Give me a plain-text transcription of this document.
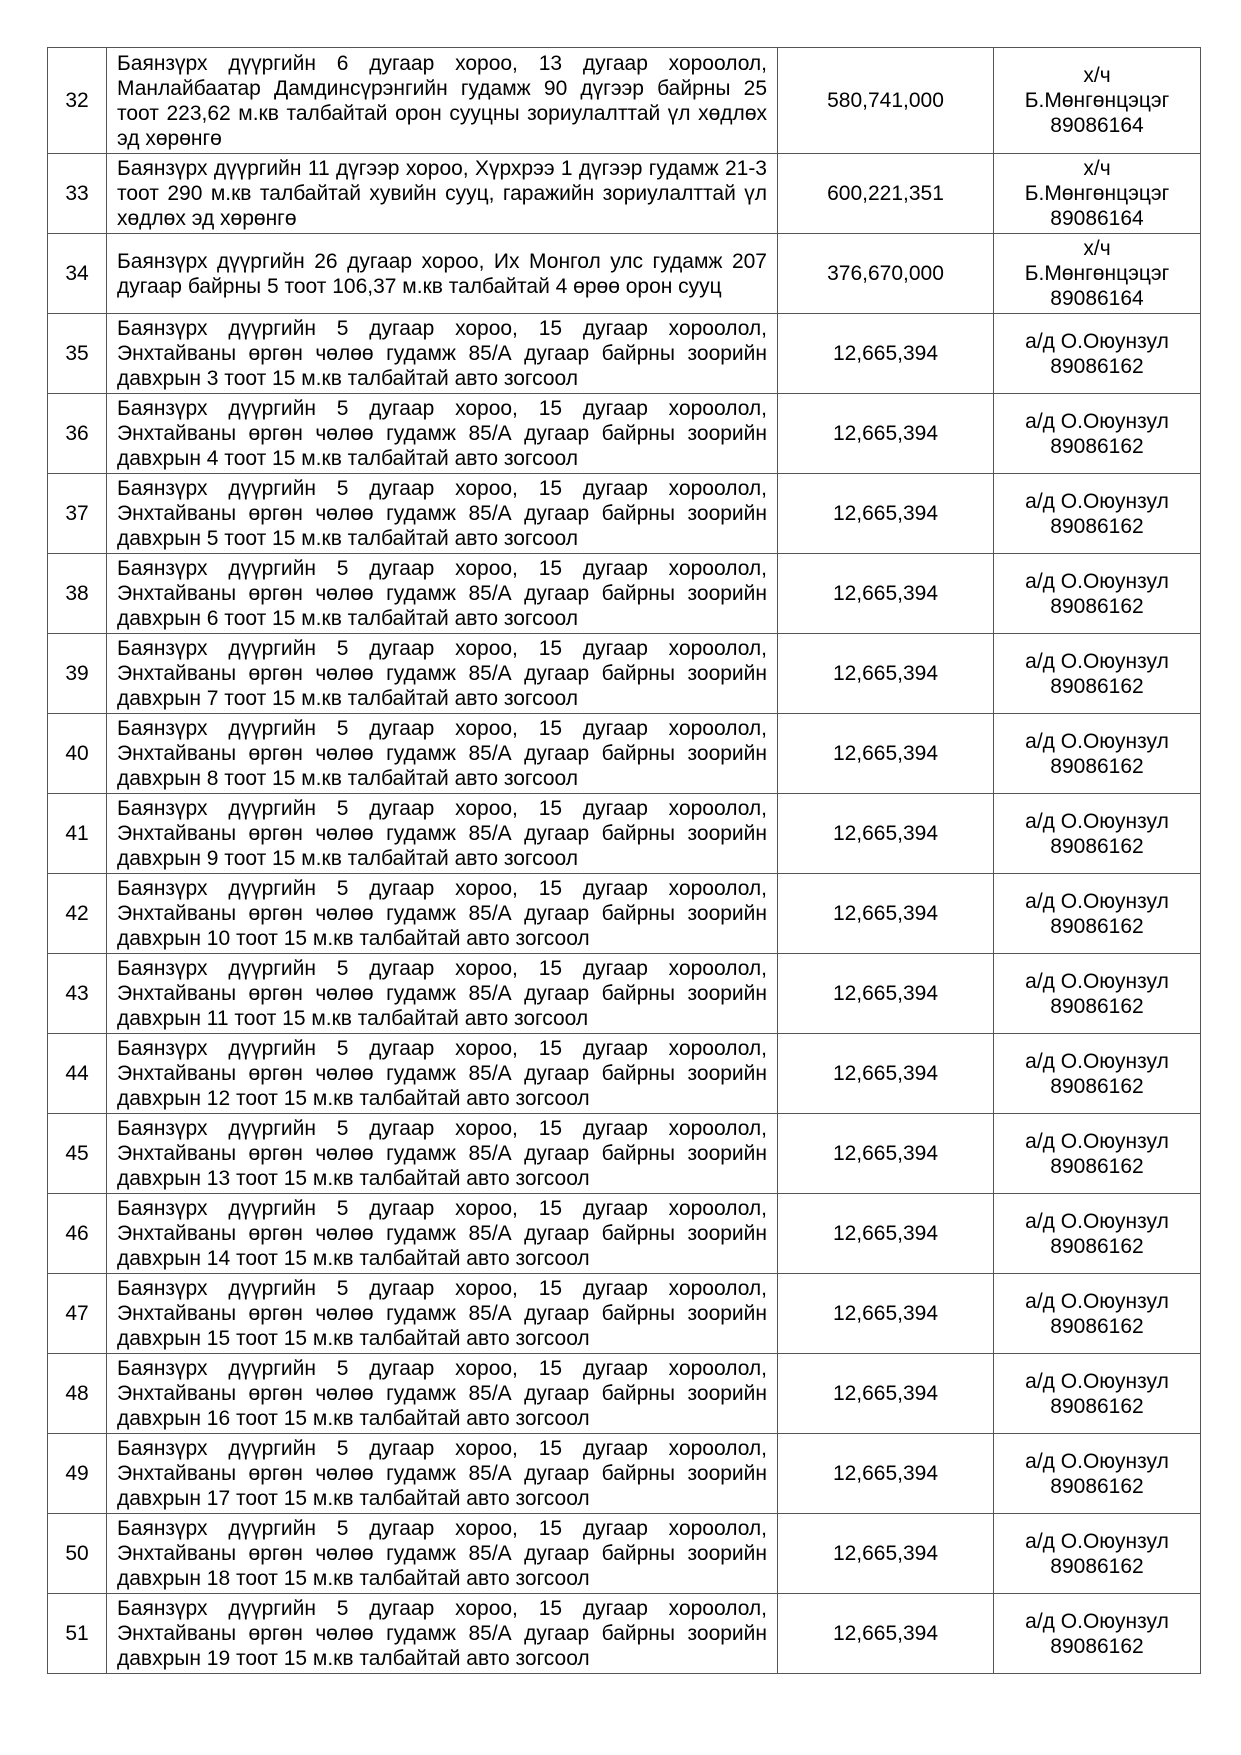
32	Баянзүрх дүүргийн 6 дугаар хороо, 13 дугаар хороолол, Манлайбаатар Дамдинсүрэнгийн гудамж 90 дүгээр байрны 25 тоот 223,62 м.кв талбайтай орон сууцны зориулалттай үл хөдлөх эд хөрөнгө	580,741,000	х/ч
Б.Мөнгөнцэцэг
89086164

33	Баянзүрх дүүргийн 11 дүгээр хороо, Хүрхрээ 1 дүгээр гудамж 21-3 тоот 290 м.кв талбайтай хувийн сууц, гаражийн зориулалттай үл хөдлөх эд хөрөнгө	600,221,351	х/ч
Б.Мөнгөнцэцэг
89086164

34	Баянзүрх дүүргийн 26 дугаар хороо, Их Монгол улс гудамж 207 дугаар байрны 5 тоот 106,37 м.кв талбайтай 4 өрөө орон сууц	376,670,000	х/ч
Б.Мөнгөнцэцэг
89086164

35	Баянзүрх дүүргийн 5 дугаар хороо, 15 дугаар хороолол, Энхтайваны өргөн чөлөө гудамж 85/А дугаар байрны зоорийн давхрын 3 тоот 15 м.кв талбайтай авто зогсоол	12,665,394	а/д О.Оюунзул
89086162

36	Баянзүрх дүүргийн 5 дугаар хороо, 15 дугаар хороолол, Энхтайваны өргөн чөлөө гудамж 85/А дугаар байрны зоорийн давхрын 4 тоот 15 м.кв талбайтай авто зогсоол	12,665,394	а/д О.Оюунзул
89086162

37	Баянзүрх дүүргийн 5 дугаар хороо, 15 дугаар хороолол, Энхтайваны өргөн чөлөө гудамж 85/А дугаар байрны зоорийн давхрын 5 тоот 15 м.кв талбайтай авто зогсоол	12,665,394	а/д О.Оюунзул
89086162

38	Баянзүрх дүүргийн 5 дугаар хороо, 15 дугаар хороолол, Энхтайваны өргөн чөлөө гудамж 85/А дугаар байрны зоорийн давхрын 6 тоот 15 м.кв талбайтай авто зогсоол	12,665,394	а/д О.Оюунзул
89086162

39	Баянзүрх дүүргийн 5 дугаар хороо, 15 дугаар хороолол, Энхтайваны өргөн чөлөө гудамж 85/А дугаар байрны зоорийн давхрын 7 тоот 15 м.кв талбайтай авто зогсоол	12,665,394	а/д О.Оюунзул
89086162

40	Баянзүрх дүүргийн 5 дугаар хороо, 15 дугаар хороолол, Энхтайваны өргөн чөлөө гудамж 85/А дугаар байрны зоорийн давхрын 8 тоот 15 м.кв талбайтай авто зогсоол	12,665,394	а/д О.Оюунзул
89086162

41	Баянзүрх дүүргийн 5 дугаар хороо, 15 дугаар хороолол, Энхтайваны өргөн чөлөө гудамж 85/А дугаар байрны зоорийн давхрын 9 тоот 15 м.кв талбайтай авто зогсоол	12,665,394	а/д О.Оюунзул
89086162

42	Баянзүрх дүүргийн 5 дугаар хороо, 15 дугаар хороолол, Энхтайваны өргөн чөлөө гудамж 85/А дугаар байрны зоорийн давхрын 10 тоот 15 м.кв талбайтай авто зогсоол	12,665,394	а/д О.Оюунзул
89086162

43	Баянзүрх дүүргийн 5 дугаар хороо, 15 дугаар хороолол, Энхтайваны өргөн чөлөө гудамж 85/А дугаар байрны зоорийн давхрын 11 тоот 15 м.кв талбайтай авто зогсоол	12,665,394	а/д О.Оюунзул
89086162

44	Баянзүрх дүүргийн 5 дугаар хороо, 15 дугаар хороолол, Энхтайваны өргөн чөлөө гудамж 85/А дугаар байрны зоорийн давхрын 12 тоот 15 м.кв талбайтай авто зогсоол	12,665,394	а/д О.Оюунзул
89086162

45	Баянзүрх дүүргийн 5 дугаар хороо, 15 дугаар хороолол, Энхтайваны өргөн чөлөө гудамж 85/А дугаар байрны зоорийн давхрын 13 тоот 15 м.кв талбайтай авто зогсоол	12,665,394	а/д О.Оюунзул
89086162

46	Баянзүрх дүүргийн 5 дугаар хороо, 15 дугаар хороолол, Энхтайваны өргөн чөлөө гудамж 85/А дугаар байрны зоорийн давхрын 14 тоот 15 м.кв талбайтай авто зогсоол	12,665,394	а/д О.Оюунзул
89086162

47	Баянзүрх дүүргийн 5 дугаар хороо, 15 дугаар хороолол, Энхтайваны өргөн чөлөө гудамж 85/А дугаар байрны зоорийн давхрын 15 тоот 15 м.кв талбайтай авто зогсоол	12,665,394	а/д О.Оюунзул
89086162

48	Баянзүрх дүүргийн 5 дугаар хороо, 15 дугаар хороолол, Энхтайваны өргөн чөлөө гудамж 85/А дугаар байрны зоорийн давхрын 16 тоот 15 м.кв талбайтай авто зогсоол	12,665,394	а/д О.Оюунзул
89086162

49	Баянзүрх дүүргийн 5 дугаар хороо, 15 дугаар хороолол, Энхтайваны өргөн чөлөө гудамж 85/А дугаар байрны зоорийн давхрын 17 тоот 15 м.кв талбайтай авто зогсоол	12,665,394	а/д О.Оюунзул
89086162

50	Баянзүрх дүүргийн 5 дугаар хороо, 15 дугаар хороолол, Энхтайваны өргөн чөлөө гудамж 85/А дугаар байрны зоорийн давхрын 18 тоот 15 м.кв талбайтай авто зогсоол	12,665,394	а/д О.Оюунзул
89086162

51	Баянзүрх дүүргийн 5 дугаар хороо, 15 дугаар хороолол, Энхтайваны өргөн чөлөө гудамж 85/А дугаар байрны зоорийн давхрын 19 тоот 15 м.кв талбайтай авто зогсоол	12,665,394	а/д О.Оюунзул
89086162
